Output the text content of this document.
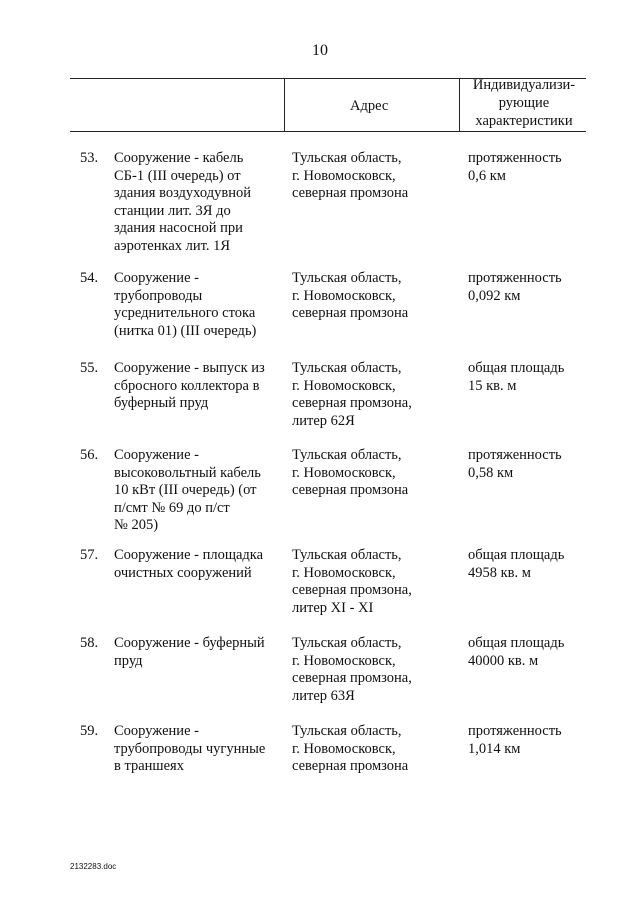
10
Адрес
Индивидуализи-
рующие
характеристики
53. Сооружение - кабель
СБ-1 (III очередь) от
здания воздуходувной
станции лит. 3Я до
здания насосной при
аэротенках лит. 1Я
Тульская область,
г. Новомосковск,
северная промзона
протяженность
0,6 км
54. Сооружение -
трубопроводы
усреднительного стока
(нитка 01) (III очередь)
Тульская область,
г. Новомосковск,
северная промзона
протяженность
0,092 км
55. Сооружение - выпуск из
сбросного коллектора в
буферный пруд
Тульская область,
г. Новомосковск,
северная промзона,
литер 62Я
общая площадь
15 кв. м
56. Сооружение -
высоковольтный кабель
10 кВт (III очередь) (от
п/смт № 69 до п/ст
№ 205)
Тульская область,
г. Новомосковск,
северная промзона
протяженность
0,58 км
57. Сооружение - площадка
очистных сооружений
Тульская область,
г. Новомосковск,
северная промзона,
литер XI - XI
общая площадь
4958 кв. м
58. Сооружение - буферный
пруд
Тульская область,
г. Новомосковск,
северная промзона,
литер 63Я
общая площадь
40000 кв. м
59. Сооружение -
трубопроводы чугунные
в траншеях
Тульская область,
г. Новомосковск,
северная промзона
протяженность
1,014 км
2132283.doc
